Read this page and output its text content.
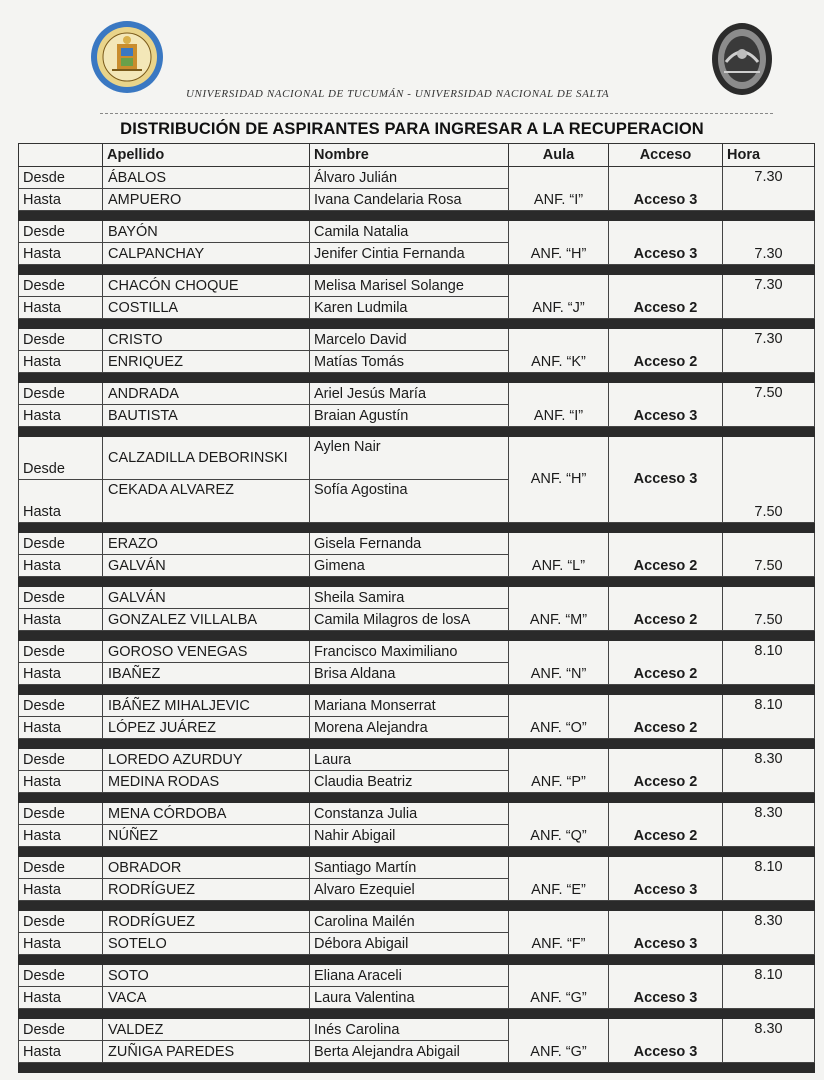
UNIVERSIDAD NACIONAL DE TUCUMÁN - UNIVERSIDAD NACIONAL DE SALTA
DISTRIBUCIÓN DE ASPIRANTES PARA INGRESAR A LA RECUPERACION
	Apellido	Nombre	Aula	Acceso	Hora
Desde	ÁBALOS	Álvaro Julián	ANF. “I”	Acceso 3	7.30
Hasta	AMPUERO	Ivana Candelaria Rosa			

Desde	BAYÓN	Camila Natalia	ANF. “H”	Acceso 3	7.30
Hasta	CALPANCHAY	Jenifer Cintia Fernanda			

Desde	CHACÓN CHOQUE	Melisa Marisel Solange	ANF. “J”	Acceso 2	7.30
Hasta	COSTILLA	Karen Ludmila			

Desde	CRISTO	Marcelo David	ANF. “K”	Acceso 2	7.30
Hasta	ENRIQUEZ	Matías Tomás			

Desde	ANDRADA	Ariel Jesús María	ANF. “I”	Acceso 3	7.50
Hasta	BAUTISTA	Braian Agustín			

Desde	CALZADILLA DEBORINSKI	Aylen Nair	ANF. “H”	Acceso 3	7.50
Hasta	CEKADA ALVAREZ	Sofía Agostina			

Desde	ERAZO	Gisela Fernanda	ANF. “L”	Acceso 2	7.50
Hasta	GALVÁN	Gimena			

Desde	GALVÁN	Sheila Samira	ANF. “M”	Acceso 2	7.50
Hasta	GONZALEZ VILLALBA	Camila Milagros de losA			

Desde	GOROSO VENEGAS	Francisco Maximiliano	ANF. “N”	Acceso 2	8.10
Hasta	IBAÑEZ	Brisa Aldana			

Desde	IBÁÑEZ MIHALJEVIC	Mariana Monserrat	ANF. “O”	Acceso 2	8.10
Hasta	LÓPEZ JUÁREZ	Morena Alejandra			

Desde	LOREDO AZURDUY	Laura	ANF. “P”	Acceso 2	8.30
Hasta	MEDINA RODAS	Claudia Beatriz			

Desde	MENA CÓRDOBA	Constanza Julia	ANF. “Q”	Acceso 2	8.30
Hasta	NÚÑEZ	Nahir Abigail			

Desde	OBRADOR	Santiago Martín	ANF. “E”	Acceso 3	8.10
Hasta	RODRÍGUEZ	Alvaro Ezequiel			

Desde	RODRÍGUEZ	Carolina Mailén	ANF. “F”	Acceso 3	8.30
Hasta	SOTELO	Débora Abigail			

Desde	SOTO	Eliana Araceli	ANF. “G”	Acceso 3	8.10
Hasta	VACA	Laura Valentina			

Desde	VALDEZ	Inés Carolina	ANF. “G”	Acceso 3	8.30
Hasta	ZUÑIGA PAREDES	Berta Alejandra Abigail			
